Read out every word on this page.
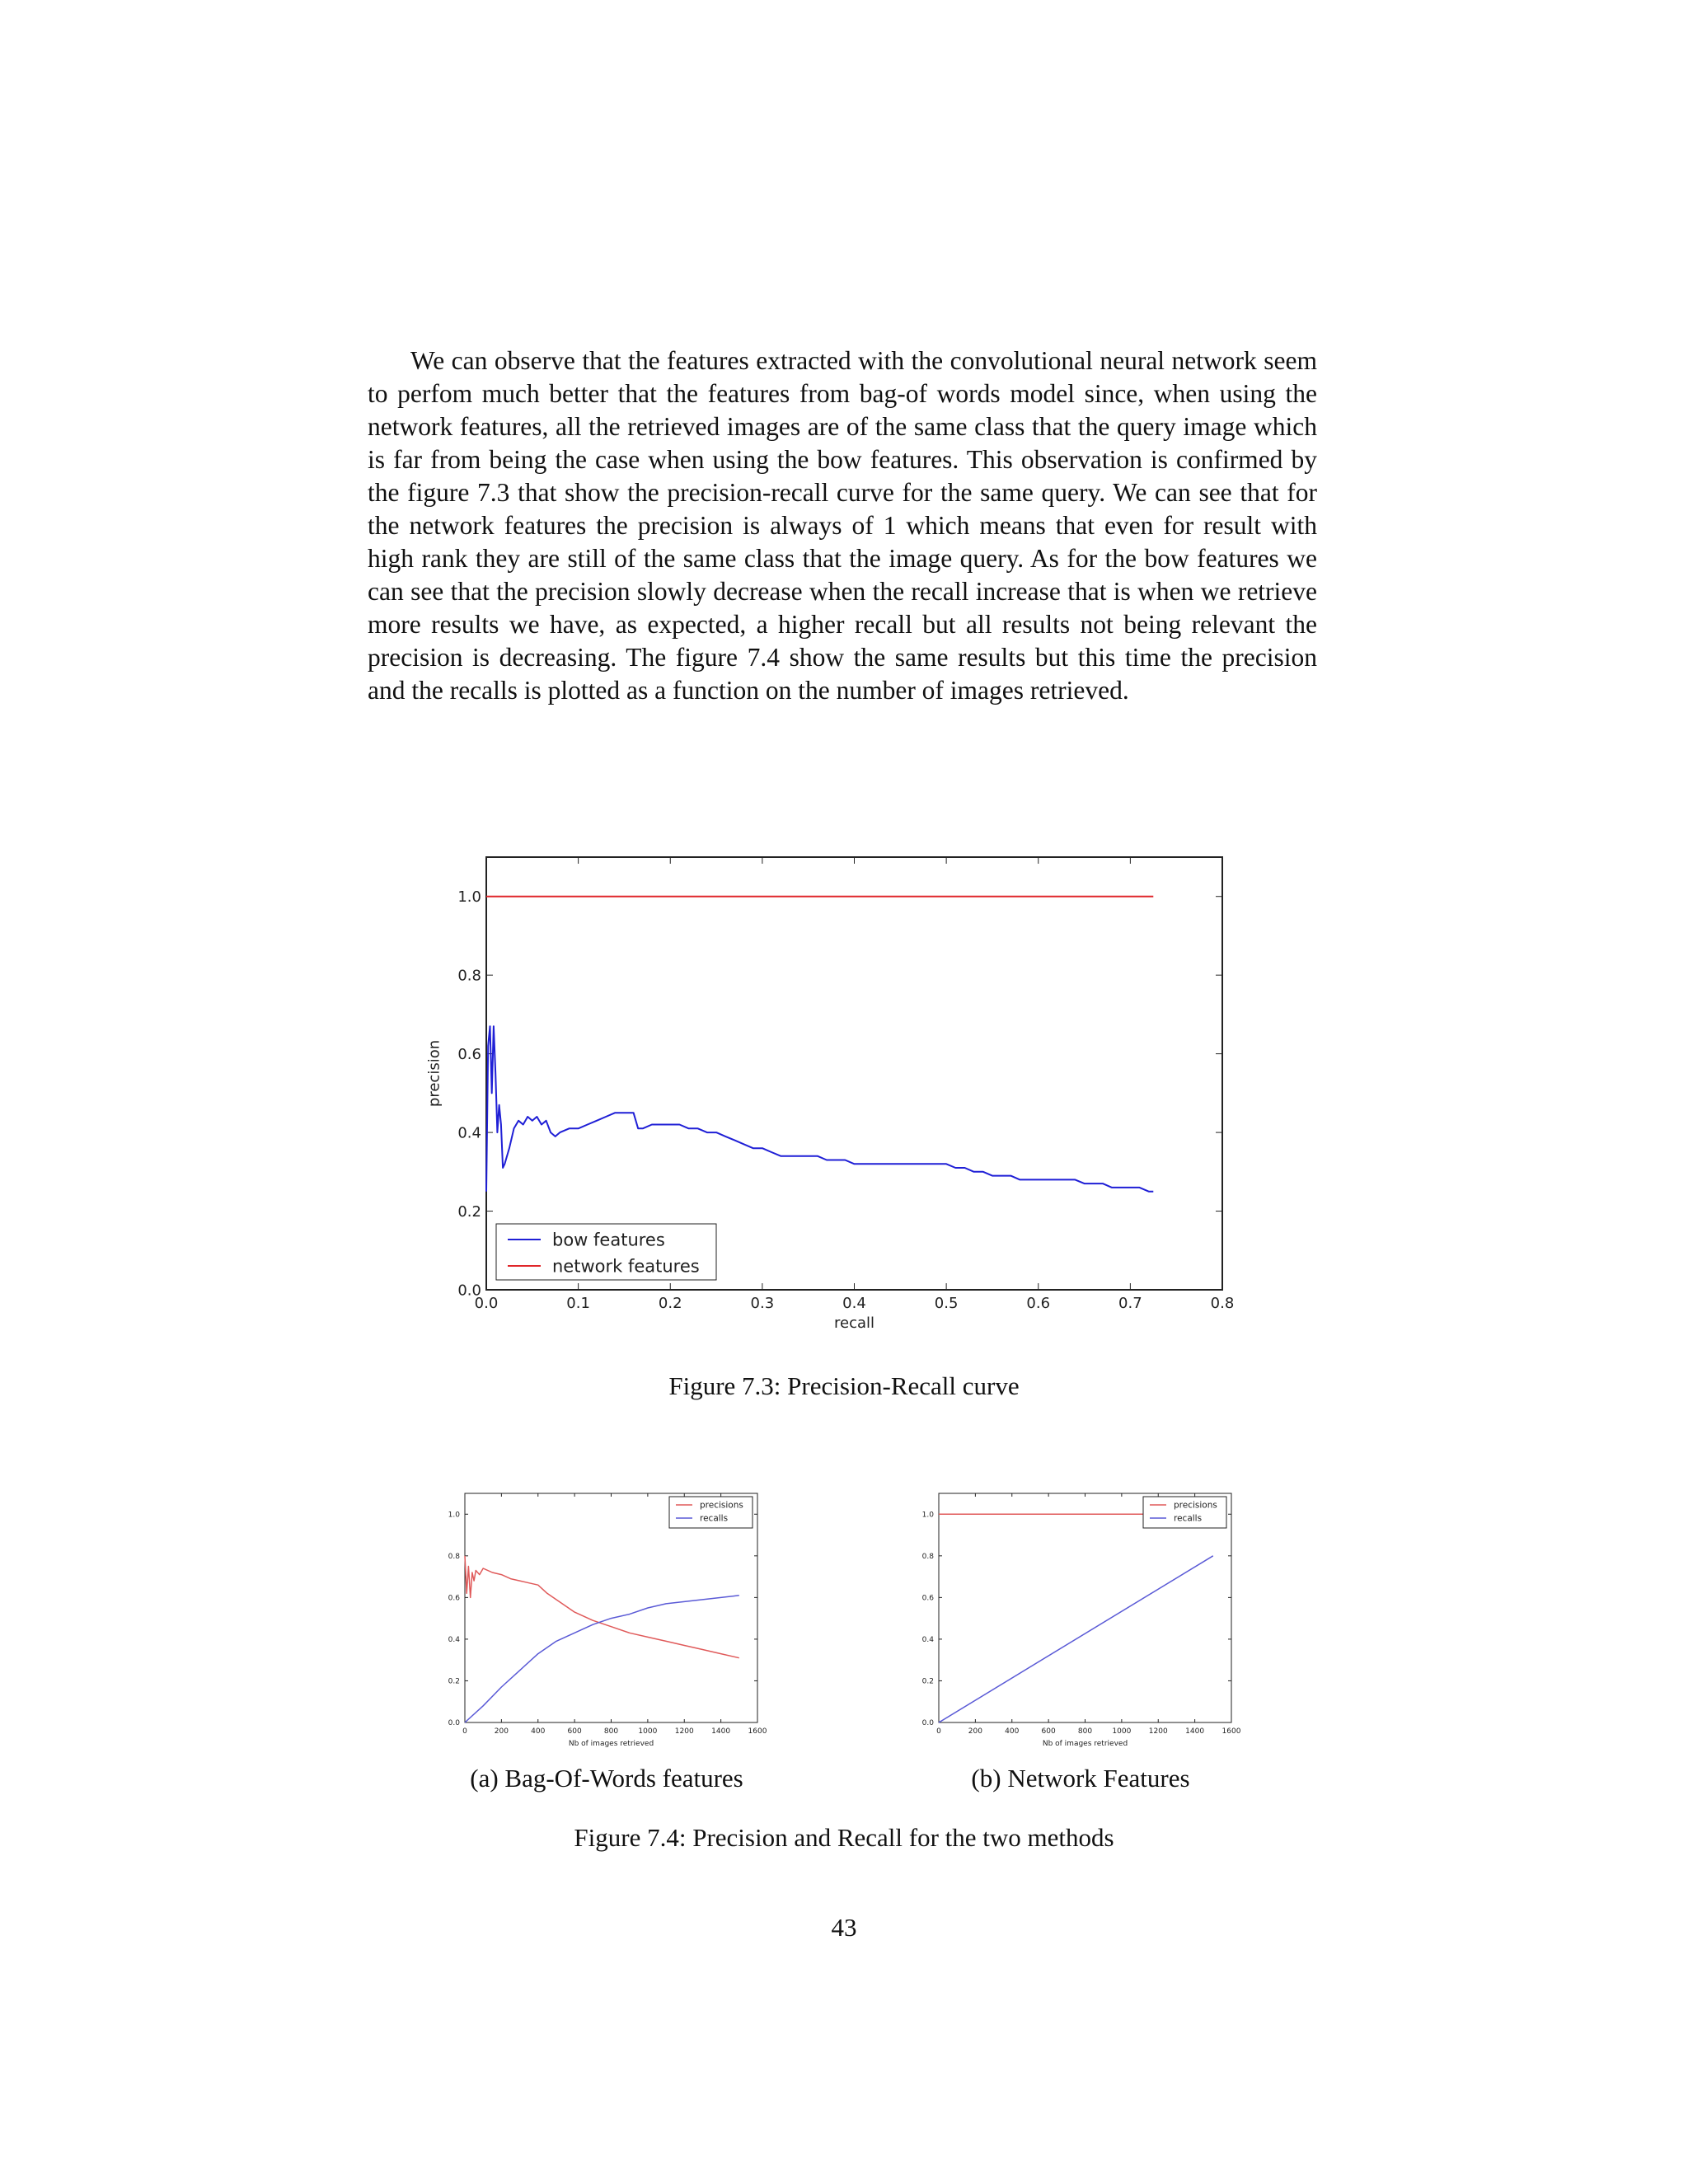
We can observe that the features extracted with the convolutional neural network seem to perfom much better that the features from bag-of words model since, when using the network features, all the retrieved images are of the same class that the query image which is far from being the case when using the bow features. This observation is confirmed by the figure 7.3 that show the precision-recall curve for the same query. We can see that for the network features the precision is always of 1 which means that even for result with high rank they are still of the same class that the image query. As for the bow features we can see that the precision slowly decrease when the recall increase that is when we retrieve more results we have, as expected, a higher recall but all results not being relevant the precision is decreasing. The figure 7.4 show the same results but this time the precision and the recalls is plotted as a function on the number of images retrieved.

0.0	0.1	0.2	0.3	0.4	0.5	0.6	0.7	0.8
0.0
0.2
0.4
0.6
0.8
1.0
recall
precision
bow features
network features
Figure 7.3: Precision-Recall curve
0	200	400	600	800	1000 1200 1400 1600
0.0
0.2
0.4
0.6
0.8
1.0
Nb of images retrieved
precisions
recalls
0	200	400	600	800	1000 1200 1400 1600
0.0
0.2
0.4
0.6
0.8
1.0
Nb of images retrieved
precisions
recalls
(a) Bag-Of-Words features	(b) Network Features
Figure 7.4: Precision and Recall for the two methods
43
